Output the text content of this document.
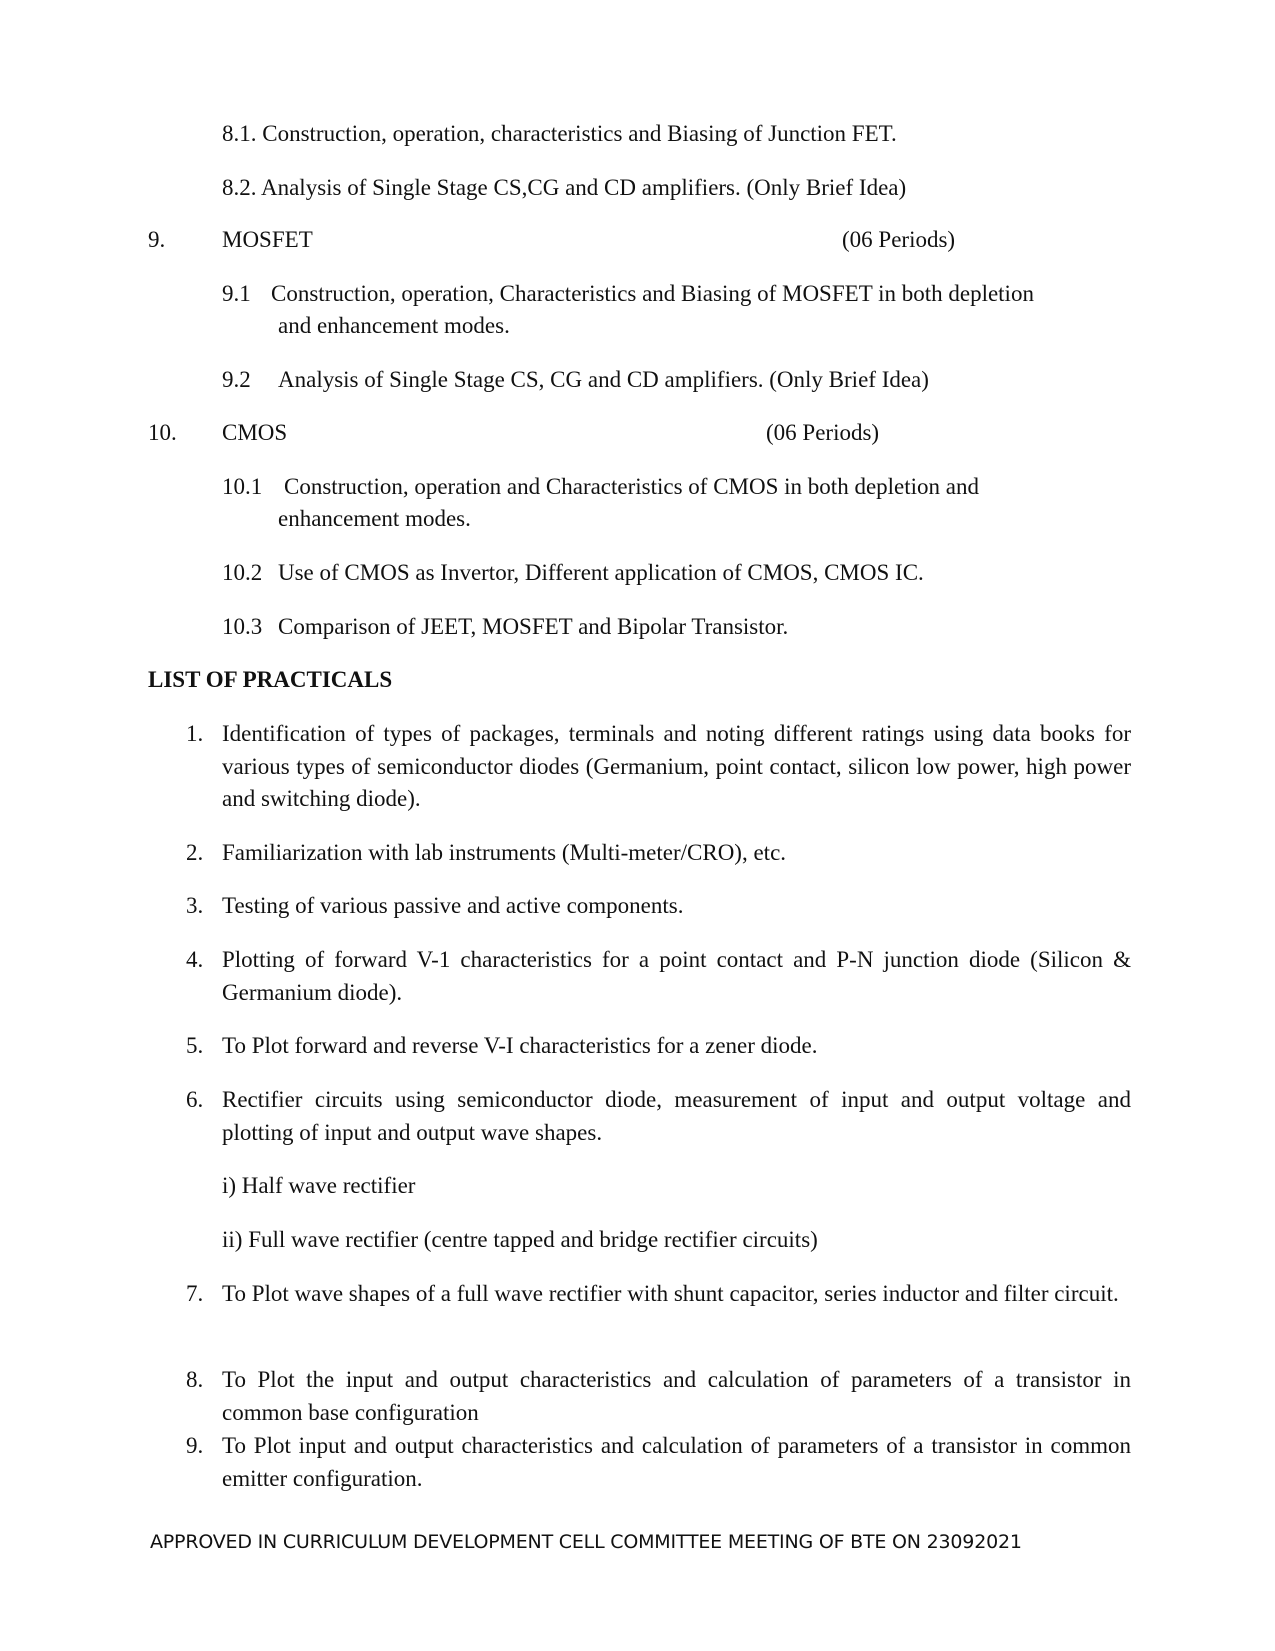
8.1. Construction, operation, characteristics and Biasing of Junction FET.
8.2. Analysis of Single Stage CS,CG and CD amplifiers. (Only Brief Idea)
9. MOSFET	(06 Periods)
9.1 Construction, operation, Characteristics and Biasing of MOSFET in both depletion
and enhancement modes.
9.2 Analysis of Single Stage CS, CG and CD amplifiers. (Only Brief Idea)
10. CMOS	(06 Periods)
10.1 Construction, operation and Characteristics of CMOS in both depletion and
enhancement modes.
10.2 Use of CMOS as Invertor, Different application of CMOS, CMOS IC.
10.3 Comparison of JEET, MOSFET and Bipolar Transistor.
LIST OF PRACTICALS
1. Identification of types of packages, terminals and noting different ratings using data books for various types of semiconductor diodes (Germanium, point contact, silicon low power, high power and switching diode).
2. Familiarization with lab instruments (Multi-meter/CRO), etc.
3. Testing of various passive and active components.
4. Plotting of forward V-1 characteristics for a point contact and P-N junction diode (Silicon & Germanium diode).
5. To Plot forward and reverse V-I characteristics for a zener diode.
6. Rectifier circuits using semiconductor diode, measurement of input and output voltage and plotting of input and output wave shapes.
i) Half wave rectifier
ii) Full wave rectifier (centre tapped and bridge rectifier circuits)
7. To Plot wave shapes of a full wave rectifier with shunt capacitor, series inductor and filter circuit.
8. To Plot the input and output characteristics and calculation of parameters of a transistor in common base configuration
9. To Plot input and output characteristics and calculation of parameters of a transistor in common emitter configuration.
APPROVED IN CURRICULUM DEVELOPMENT CELL COMMITTEE MEETING OF BTE ON 23092021
